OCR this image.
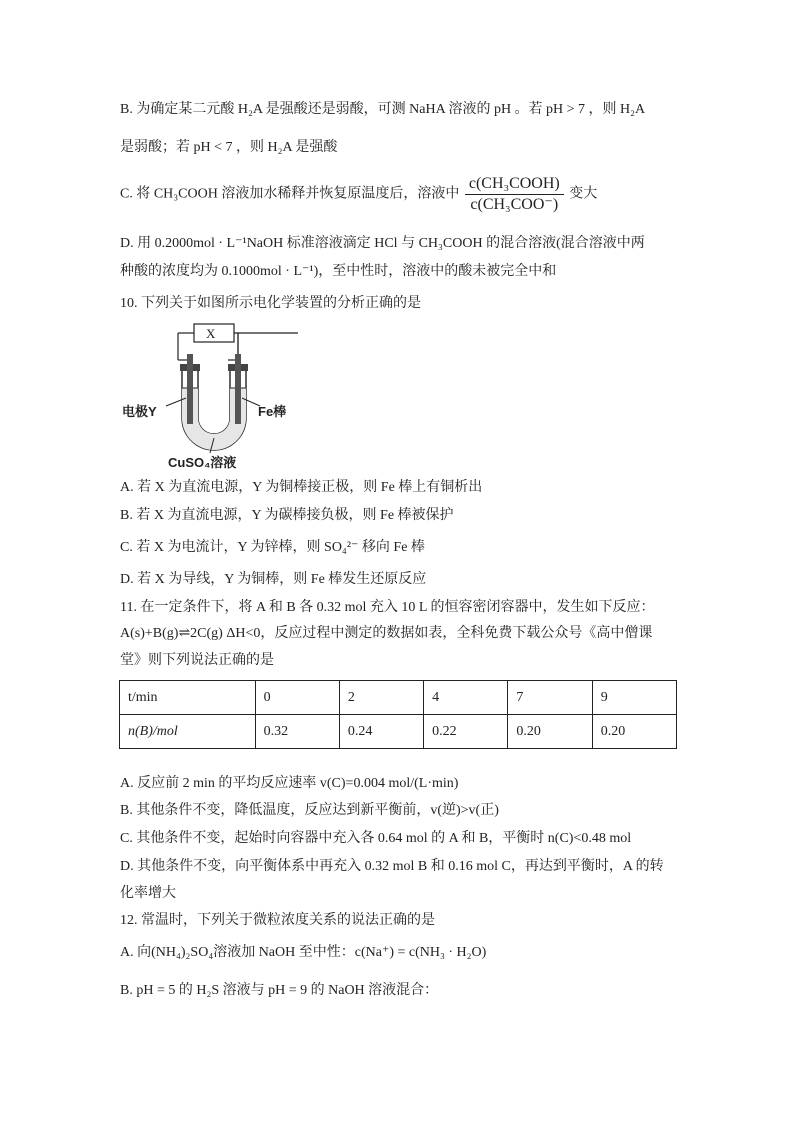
B. 为确定某二元酸 H₂A 是强酸还是弱酸，可测 NaHA 溶液的 pH 。若 pH > 7 ，则 H₂A
是弱酸；若 pH < 7 ，则 H₂A 是强酸
C. 将 CH₃COOH 溶液加水稀释并恢复原温度后，溶液中 $\frac{\text{c(CH₃COOH)}}{\text{c(CH₃COO⁻)}}$ 变大
D. 用 0.2000mol · L⁻¹NaOH 标准溶液滴定 HCl 与 CH₃COOH 的混合溶液(混合溶液中两
种酸的浓度均为 0.1000mol · L⁻¹)，至中性时，溶液中的酸未被完全中和
10. 下列关于如图所示电化学装置的分析正确的是
X
电极Y	Fe棒
CuSO₄溶液
A. 若 X 为直流电源，Y 为铜棒接正极，则 Fe 棒上有铜析出
B. 若 X 为直流电源，Y 为碳棒接负极，则 Fe 棒被保护
C. 若 X 为电流计，Y 为锌棒，则 SO₄²⁻ 移向 Fe 棒
D. 若 X 为导线，Y 为铜棒，则 Fe 棒发生还原反应
11. 在一定条件下，将 A 和 B 各 0.32 mol 充入 10 L 的恒容密闭容器中，发生如下反应：
A(s)+B(g)⇌2C(g) ΔH<0，反应过程中测定的数据如表，全科免费下载公众号《高中僧课
堂》则下列说法正确的是
t/min	0	2	4	7	9
n(B)/mol	0.32	0.24	0.22	0.20	0.20
A. 反应前 2 min 的平均反应速率 v(C)=0.004 mol/(L·min)
B. 其他条件不变，降低温度，反应达到新平衡前，v(逆)>v(正)
C. 其他条件不变，起始时向容器中充入各 0.64 mol 的 A 和 B，平衡时 n(C)<0.48 mol
D. 其他条件不变，向平衡体系中再充入 0.32 mol B 和 0.16 mol C，再达到平衡时，A 的转
化率增大
12. 常温时，下列关于微粒浓度关系的说法正确的是
A. 向(NH₄)₂SO₄溶液加 NaOH 至中性：c(Na⁺) = c(NH₃ · H₂O)
B. pH = 5 的 H₂S 溶液与 pH = 9 的 NaOH 溶液混合：
